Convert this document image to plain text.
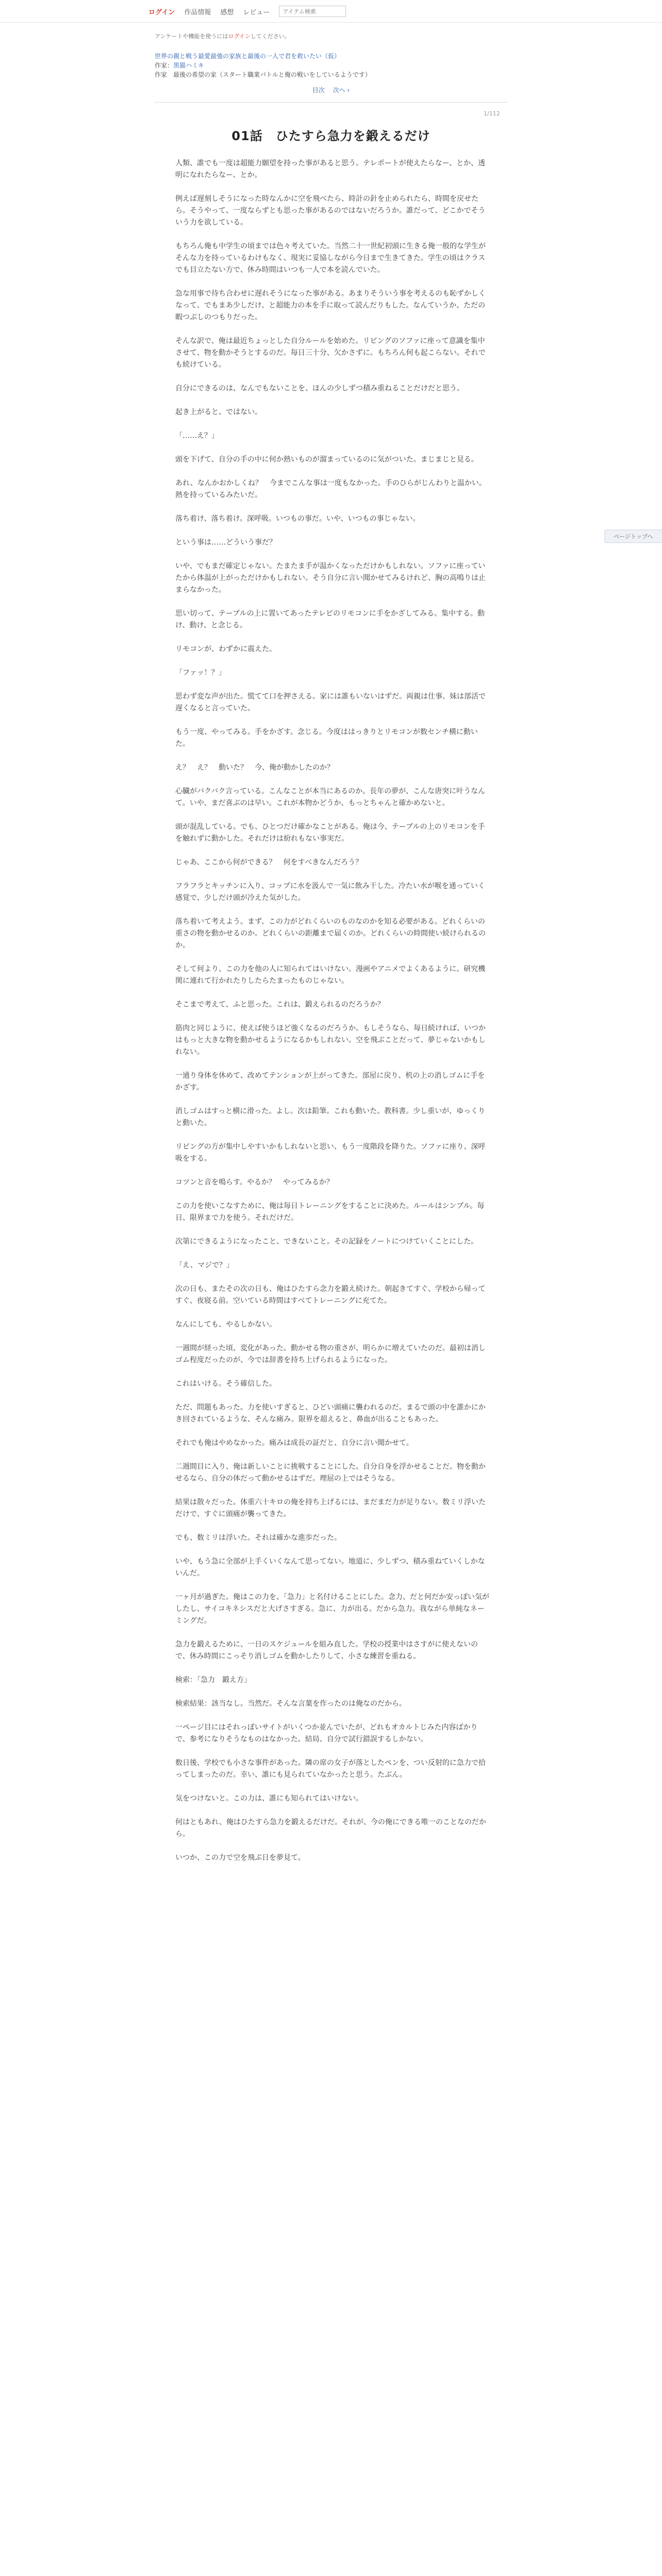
ログイン 作品情報 感想 レビュー
アイテム検索
アンケートや機能を使うにはログインしてください。
世界の親と戦う最愛最強の家族と最後の一人で君を救いたい（仮）
作家：黒猫ハミキ
作家　最後の希望の家（スタート職業バトルと俺の戦いをしているようです）
目次 次へ ›
1/112
01話　ひたすら急力を鍛えるだけ

人類、誰でも一度は超能力願望を持った事があると思う。テレポートが使えたらなー、とか、透明になれたらなー、とか。

例えば遅刻しそうになった時なんかに空を飛べたら、時計の針を止められたら、時間を戻せたら。そうやって、一度ならずとも思った事があるのではないだろうか。誰だって、どこかでそういう力を欲している。

もちろん俺も中学生の頃までは色々考えていた。当然二十一世紀初頭に生きる俺一般的な学生がそんな力を持っているわけもなく、現実に妥協しながら今日まで生きてきた。学生の頃はクラスでも目立たない方で、休み時間はいつも一人で本を読んでいた。

急な用事で待ち合わせに遅れそうになった事がある。あまりそういう事を考えるのも恥ずかしくなって、でもまあ少しだけ、と超能力の本を手に取って読んだりもした。なんていうか、ただの暇つぶしのつもりだった。

そんな訳で、俺は最近ちょっとした自分ルールを始めた。リビングのソファに座って意識を集中させて、物を動かそうとするのだ。毎日三十分、欠かさずに。もちろん何も起こらない。それでも続けている。

自分にできるのは、なんでもないことを、ほんの少しずつ積み重ねることだけだと思う。

起き上がると、ではない。

「……え？」

頭を下げて、自分の手の中に何か熱いものが溜まっているのに気がついた。まじまじと見る。

あれ、なんかおかしくね？　今までこんな事は一度もなかった。手のひらがじんわりと温かい。熱を持っているみたいだ。

落ち着け、落ち着け。深呼吸。いつもの事だ。いや、いつもの事じゃない。

という事は……どういう事だ？

いや、でもまだ確定じゃない。たまたま手が温かくなっただけかもしれない。ソファに座っていたから体温が上がっただけかもしれない。そう自分に言い聞かせてみるけれど、胸の高鳴りは止まらなかった。

思い切って、テーブルの上に置いてあったテレビのリモコンに手をかざしてみる。集中する。動け、動け、と念じる。

リモコンが、わずかに震えた。

「ファッ！？」

思わず変な声が出た。慌てて口を押さえる。家には誰もいないはずだ。両親は仕事、妹は部活で遅くなると言っていた。

もう一度、やってみる。手をかざす。念じる。今度ははっきりとリモコンが数センチ横に動いた。

え？　え？　動いた？　今、俺が動かしたのか？

心臓がバクバク言っている。こんなことが本当にあるのか。長年の夢が、こんな唐突に叶うなんて。いや、まだ喜ぶのは早い。これが本物かどうか、もっとちゃんと確かめないと。

頭が混乱している。でも、ひとつだけ確かなことがある。俺は今、テーブルの上のリモコンを手を触れずに動かした。それだけは紛れもない事実だ。

じゃあ、ここから何ができる？　何をすべきなんだろう？

フラフラとキッチンに入り、コップに水を汲んで一気に飲み干した。冷たい水が喉を通っていく感覚で、少しだけ頭が冷えた気がした。

落ち着いて考えよう。まず、この力がどれくらいのものなのかを知る必要がある。どれくらいの重さの物を動かせるのか。どれくらいの距離まで届くのか。どれくらいの時間使い続けられるのか。

そして何より、この力を他の人に知られてはいけない。漫画やアニメでよくあるように、研究機関に連れて行かれたりしたらたまったものじゃない。

そこまで考えて、ふと思った。これは、鍛えられるのだろうか？

筋肉と同じように、使えば使うほど強くなるのだろうか。もしそうなら、毎日続ければ、いつかはもっと大きな物を動かせるようになるかもしれない。空を飛ぶことだって、夢じゃないかもしれない。

一通り身体を休めて、改めてテンションが上がってきた。部屋に戻り、机の上の消しゴムに手をかざす。

消しゴムはすっと横に滑った。よし。次は鉛筆。これも動いた。教科書。少し重いが、ゆっくりと動いた。

リビングの方が集中しやすいかもしれないと思い、もう一度階段を降りた。ソファに座り、深呼吸をする。

コツンと音を鳴らす。やるか？　やってみるか？

この力を使いこなすために、俺は毎日トレーニングをすることに決めた。ルールはシンプル。毎日、限界まで力を使う。それだけだ。

次第にできるようになったこと、できないこと。その記録をノートにつけていくことにした。

「え、マジで？」

次の日も、またその次の日も、俺はひたすら念力を鍛え続けた。朝起きてすぐ、学校から帰ってすぐ、夜寝る前。空いている時間はすべてトレーニングに充てた。

なんにしても、やるしかない。

一週間が経った頃、変化があった。動かせる物の重さが、明らかに増えていたのだ。最初は消しゴム程度だったのが、今では辞書を持ち上げられるようになった。

これはいける。そう確信した。

ただ、問題もあった。力を使いすぎると、ひどい頭痛に襲われるのだ。まるで頭の中を誰かにかき回されているような、そんな痛み。限界を超えると、鼻血が出ることもあった。

それでも俺はやめなかった。痛みは成長の証だと、自分に言い聞かせて。

二週間目に入り、俺は新しいことに挑戦することにした。自分自身を浮かせることだ。物を動かせるなら、自分の体だって動かせるはずだ。理屈の上ではそうなる。

結果は散々だった。体重六十キロの俺を持ち上げるには、まだまだ力が足りない。数ミリ浮いただけで、すぐに頭痛が襲ってきた。

でも、数ミリは浮いた。それは確かな進歩だった。

いや、もう急に全部が上手くいくなんて思ってない。地道に、少しずつ、積み重ねていくしかないんだ。

一ヶ月が過ぎた。俺はこの力を、「急力」と名付けることにした。念力、だと何だか安っぽい気がしたし、サイコキネシスだと大げさすぎる。急に、力が出る。だから急力。我ながら単純なネーミングだ。

急力を鍛えるために、一日のスケジュールを組み直した。学校の授業中はさすがに使えないので、休み時間にこっそり消しゴムを動かしたりして、小さな練習を重ねる。

検索：「急力　鍛え方」

検索結果：該当なし。当然だ。そんな言葉を作ったのは俺なのだから。

一ページ目にはそれっぽいサイトがいくつか並んでいたが、どれもオカルトじみた内容ばかりで、参考になりそうなものはなかった。結局、自分で試行錯誤するしかない。

数日後、学校でも小さな事件があった。隣の席の女子が落としたペンを、つい反射的に急力で拾ってしまったのだ。幸い、誰にも見られていなかったと思う。たぶん。

気をつけないと。この力は、誰にも知られてはいけない。

何はともあれ、俺はひたすら急力を鍛えるだけだ。それが、今の俺にできる唯一のことなのだから。

いつか、この力で空を飛ぶ日を夢見て。

ページトップへ
